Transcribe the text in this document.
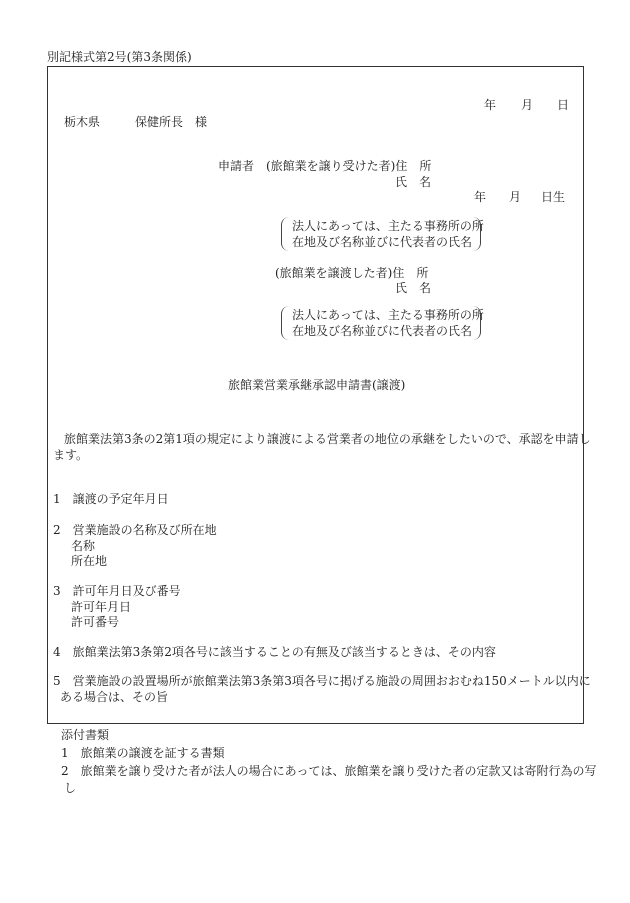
別記様式第2号(第3条関係)
年 月 日
栃木県	保健所長　様
申請者　(旅館業を譲り受けた者)住　所
氏　名
年 月 日生
法人にあっては、主たる事務所の所
在地及び名称並びに代表者の氏名
(旅館業を譲渡した者)住　所
氏　名
法人にあっては、主たる事務所の所
在地及び名称並びに代表者の氏名
旅館業営業承継承認申請書(譲渡)
旅館業法第3条の2第1項の規定により譲渡による営業者の地位の承継をしたいので、承認を申請し
ます。
1　譲渡の予定年月日
2　営業施設の名称及び所在地
名称
所在地
3　許可年月日及び番号
許可年月日
許可番号
4　旅館業法第3条第2項各号に該当することの有無及び該当するときは、その内容
5　営業施設の設置場所が旅館業法第3条第3項各号に掲げる施設の周囲おおむね150メートル以内に
ある場合は、その旨
添付書類
1　旅館業の譲渡を証する書類
2　旅館業を譲り受けた者が法人の場合にあっては、旅館業を譲り受けた者の定款又は寄附行為の写
し
